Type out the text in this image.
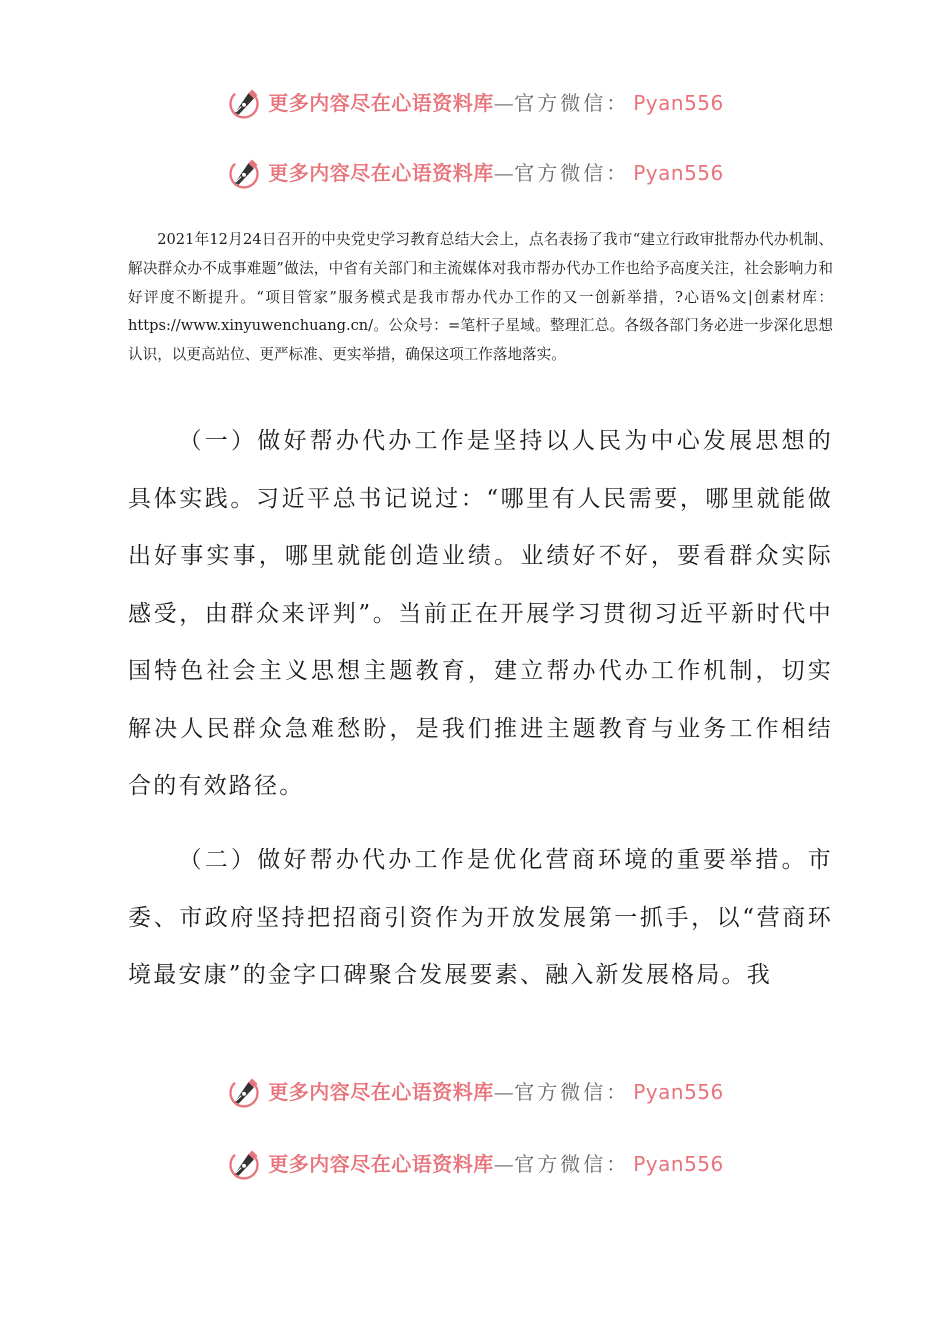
更多内容尽在心语资料库—官方微信： Pyan556
更多内容尽在心语资料库—官方微信： Pyan556

2021年12月24日召开的中央党史学习教育总结大会上，点名表扬了我市“建立行政审批帮办代办机制、解决群众办不成事难题”做法，中省有关部门和主流媒体对我市帮办代办工作也给予高度关注，社会影响力和好评度不断提升。“项目管家”服务模式是我市帮办代办工作的又一创新举措，?心语%文|创素材库：https://www.xinyuwenchuang.cn/。公众号：=笔杆子星域。整理汇总。各级各部门务必进一步深化思想认识，以更高站位、更严标准、更实举措，确保这项工作落地落实。

（一）做好帮办代办工作是坚持以人民为中心发展思想的具体实践。习近平总书记说过：“哪里有人民需要，哪里就能做出好事实事，哪里就能创造业绩。业绩好不好，要看群众实际感受，由群众来评判”。当前正在开展学习贯彻习近平新时代中国特色社会主义思想主题教育，建立帮办代办工作机制，切实解决人民群众急难愁盼，是我们推进主题教育与业务工作相结合的有效路径。

（二）做好帮办代办工作是优化营商环境的重要举措。市委、市政府坚持把招商引资作为开放发展第一抓手，以“营商环境最安康”的金字口碑聚合发展要素、融入新发展格局。我

更多内容尽在心语资料库—官方微信： Pyan556
更多内容尽在心语资料库—官方微信： Pyan556
